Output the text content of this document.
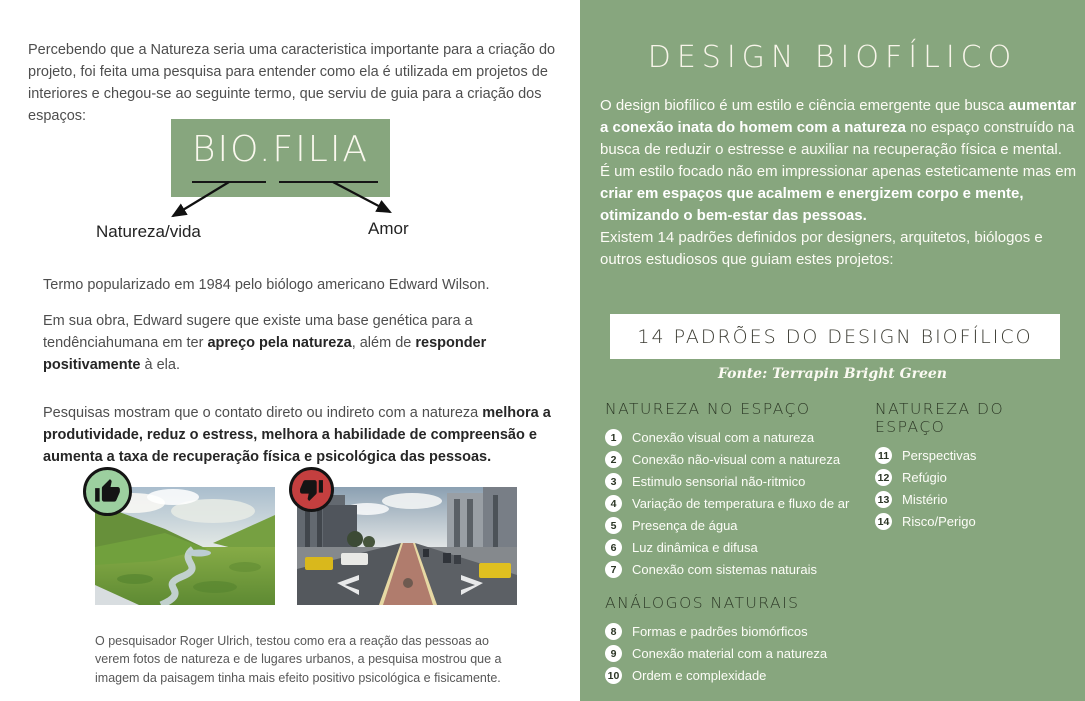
Percebendo que a Natureza seria uma caracteristica importante para a criação do projeto, foi feita uma pesquisa para entender como ela é utilizada em projetos de interiores e chegou-se ao seguinte termo, que serviu de guia para a criação dos espaços:

BIO.FILIA
Natureza/vida	Amor

Termo popularizado em 1984 pelo biólogo americano Edward Wilson.

Em sua obra, Edward sugere que existe uma base genética para a tendênciahumana em ter apreço pela natureza, além de responder positivamente à ela.

Pesquisas mostram que o contato direto ou indireto com a natureza melhora a produtividade, reduz o estress, melhora a habilidade de compreensão e aumenta a taxa de recuperação física e psicológica das pessoas.

O pesquisador Roger Ulrich, testou como era a reação das pessoas ao verem fotos de natureza e de lugares urbanos, a pesquisa mostrou que a imagem da paisagem tinha mais efeito positivo psicológica e fisicamente.

DESIGN BIOFÍLICO

O design biofílico é um estilo e ciência emergente que busca aumentar a conexão inata do homem com a natureza no espaço construído na busca de reduzir o estresse e auxiliar na recuperação física e mental.

É um estilo focado não em impressionar apenas esteticamente mas em criar em espaços que acalmem e energizem corpo e mente, otimizando o bem-estar das pessoas.

Existem 14 padrões definidos por designers, arquitetos, biólogos e outros estudiosos que guiam estes projetos:

14 PADRÕES DO DESIGN BIOFÍLICO
Fonte: Terrapin Bright Green
NATUREZA NO ESPAÇO
1	Conexão visual com a natureza
2	Conexão não-visual com a natureza
3	Estimulo sensorial não-ritmico
4	Variação de temperatura e fluxo de ar
5	Presença de água
6	Luz dinâmica e difusa
7	Conexão com sistemas naturais
ANÁLOGOS NATURAIS
8	Formas e padrões biomórficos
9	Conexão material com a natureza
10 Ordem e complexidade
NATUREZA DO ESPAÇO
11 Perspectivas
12 Refúgio
13 Mistério
14 Risco/Perigo
